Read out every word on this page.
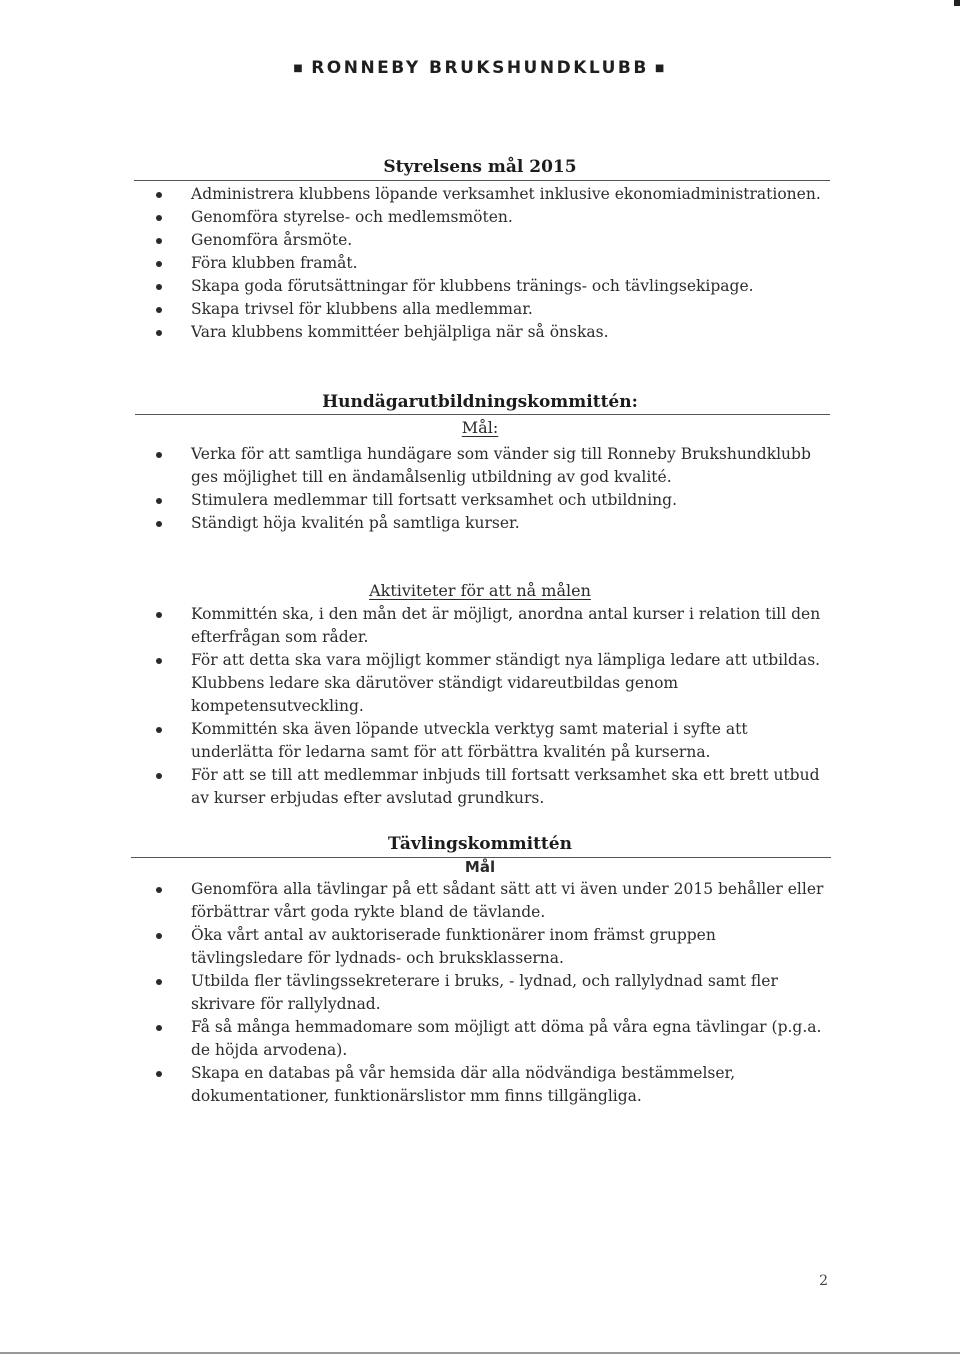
■ RONNEBY BRUKSHUNDKLUBB ■
Styrelsens mål 2015
Administrera klubbens löpande verksamhet inklusive ekonomiadministrationen.
Genomföra styrelse- och medlemsmöten.
Genomföra årsmöte.
Föra klubben framåt.
Skapa goda förutsättningar för klubbens tränings- och tävlingsekipage.
Skapa trivsel för klubbens alla medlemmar.
Vara klubbens kommittéer behjälpliga när så önskas.
Hundägarutbildningskommittén:
Mål:
Verka för att samtliga hundägare som vänder sig till Ronneby Brukshundklubb ges möjlighet till en ändamålsenlig utbildning av god kvalité.
Stimulera medlemmar till fortsatt verksamhet och utbildning.
Ständigt höja kvalitén på samtliga kurser.
Aktiviteter för att nå målen
Kommittén ska, i den mån det är möjligt, anordna antal kurser i relation till den efterfrågan som råder.
För att detta ska vara möjligt kommer ständigt nya lämpliga ledare att utbildas. Klubbens ledare ska därutöver ständigt vidareutbildas genom kompetensutveckling.
Kommittén ska även löpande utveckla verktyg samt material i syfte att underlätta för ledarna samt för att förbättra kvalitén på kurserna.
För att se till att medlemmar inbjuds till fortsatt verksamhet ska ett brett utbud av kurser erbjudas efter avslutad grundkurs.
Tävlingskommittén
Mål
Genomföra alla tävlingar på ett sådant sätt att vi även under 2015 behåller eller förbättrar vårt goda rykte bland de tävlande.
Öka vårt antal av auktoriserade funktionärer inom främst gruppen tävlingsledare för lydnads- och bruksklasserna.
Utbilda fler tävlingssekreterare i bruks, - lydnad, och rallylydnad samt fler skrivare för rallylydnad.
Få så många hemmadomare som möjligt att döma på våra egna tävlingar (p.g.a. de höjda arvodena).
Skapa en databas på vår hemsida där alla nödvändiga bestämmelser, dokumentationer, funktionärslistor mm finns tillgängliga.
2
